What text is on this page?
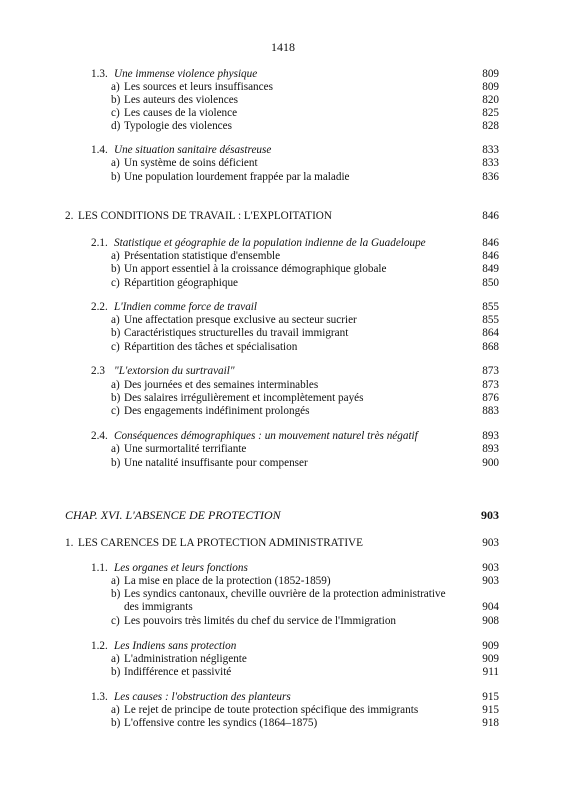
1418
1.3. Une immense violence physique	809
a) Les sources et leurs insuffisances	809
b) Les auteurs des violences	820
c) Les causes de la violence	825
d) Typologie des violences	828
1.4. Une situation sanitaire désastreuse	833
a) Un système de soins déficient	833
b) Une population lourdement frappée par la maladie	836
2. LES CONDITIONS DE TRAVAIL : L'EXPLOITATION	846
2.1. Statistique et géographie de la population indienne de la Guadeloupe	846
a) Présentation statistique d'ensemble	846
b) Un apport essentiel à la croissance démographique globale	849
c) Répartition géographique	850
2.2. L'Indien comme force de travail	855
a) Une affectation presque exclusive au secteur sucrier	855
b) Caractéristiques structurelles du travail immigrant	864
c) Répartition des tâches et spécialisation	868
2.3 "L'extorsion du surtravail"	873
a) Des journées et des semaines interminables	873
b) Des salaires irrégulièrement et incomplètement payés	876
c) Des engagements indéfiniment prolongés	883
2.4. Conséquences démographiques : un mouvement naturel très négatif	893
a) Une surmortalité terrifiante	893
b) Une natalité insuffisante pour compenser	900
CHAP. XVI. L'ABSENCE DE PROTECTION	903
1. LES CARENCES DE LA PROTECTION ADMINISTRATIVE	903
1.1. Les organes et leurs fonctions	903
a) La mise en place de la protection (1852-1859)	903
b) Les syndics cantonaux, cheville ouvrière de la protection administrative
des immigrants	904
c) Les pouvoirs très limités du chef du service de l'Immigration	908
1.2. Les Indiens sans protection	909
a) L'administration négligente	909
b) Indifférence et passivité	911
1.3. Les causes : l'obstruction des planteurs	915
a) Le rejet de principe de toute protection spécifique des immigrants	915
b) L'offensive contre les syndics (1864–1875)	918
